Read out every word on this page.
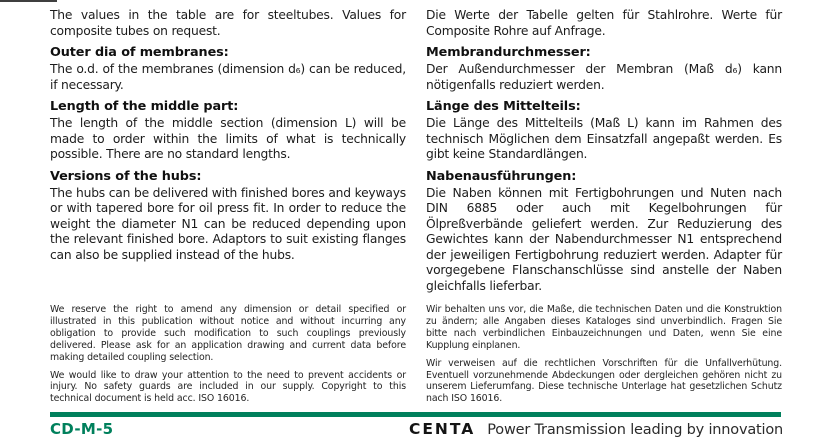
The values in the table are for steeltubes. Values for composite tubes on request.

Outer dia of membranes:

The o.d. of the membranes (dimension d₆) can be reduced, if necessary.

Length of the middle part:

The length of the middle section (dimension L) will be made to order within the limits of what is technically possible. There are no standard lengths.

Versions of the hubs:

The hubs can be delivered with finished bores and keyways or with tapered bore for oil press fit. In order to reduce the weight the diameter N1 can be reduced depending upon the relevant finished bore. Adaptors to suit existing flanges can also be supplied instead of the hubs.

Die Werte der Tabelle gelten für Stahlrohre. Werte für Composite Rohre auf Anfrage.

Membrandurchmesser:

Der Außendurchmesser der Membran (Maß d₆) kann nötigenfalls reduziert werden.

Länge des Mittelteils:

Die Länge des Mittelteils (Maß L) kann im Rahmen des technisch Möglichen dem Einsatzfall angepaßt werden. Es gibt keine Standardlängen.

Nabenausführungen:

Die Naben können mit Fertigbohrungen und Nuten nach DIN 6885 oder auch mit Kegelbohrungen für Ölpreßverbände geliefert werden. Zur Reduzierung des Gewichtes kann der Nabendurchmesser N1 entsprechend der jeweiligen Fertigbohrung reduziert werden. Adapter für vorgegebene Flanschanschlüsse sind anstelle der Naben gleichfalls lieferbar.

We reserve the right to amend any dimension or detail specified or illustrated in this publication without notice and without incurring any obligation to provide such modification to such couplings previously delivered. Please ask for an application drawing and current data before making detailed coupling selection.

We would like to draw your attention to the need to prevent accidents or injury. No safety guards are included in our supply. Copyright to this technical document is held acc. ISO 16016.

Wir behalten uns vor, die Maße, die technischen Daten und die Konstruktion zu ändern; alle Angaben dieses Kataloges sind unverbindlich. Fragen Sie bitte nach verbindlichen Einbauzeichnungen und Daten, wenn Sie eine Kupplung einplanen.

Wir verweisen auf die rechtlichen Vorschriften für die Unfallverhütung. Eventuell vorzunehmende Abdeckungen oder dergleichen gehören nicht zu unserem Lieferumfang. Diese technische Unterlage hat gesetzlichen Schutz nach ISO 16016.

CD-M-5	CENTA Power Transmission leading by innovation
